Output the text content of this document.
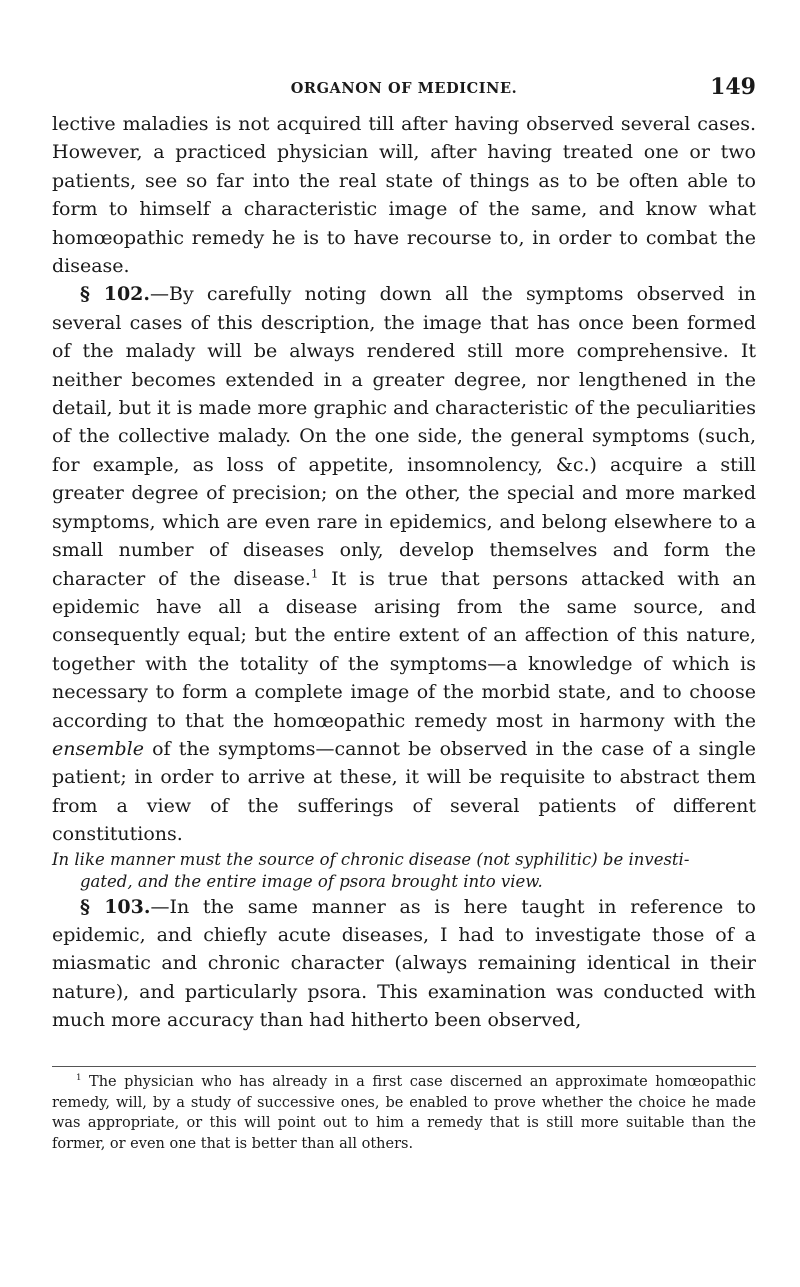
ORGANON OF MEDICINE.	149

lective maladies is not acquired till after having observed several cases. However, a practiced physician will, after having treated one or two patients, see so far into the real state of things as to be often able to form to himself a characteristic image of the same, and know what homœopathic remedy he is to have recourse to, in order to combat the disease.

§ 102.—By carefully noting down all the symptoms observed in several cases of this description, the image that has once been formed of the malady will be always rendered still more comprehensive. It neither becomes extended in a greater degree, nor lengthened in the detail, but it is made more graphic and characteristic of the peculiarities of the collective malady. On the one side, the general symptoms (such, for example, as loss of appetite, insomnolency, &c.) acquire a still greater degree of precision; on the other, the special and more marked symptoms, which are even rare in epidemics, and belong elsewhere to a small number of diseases only, develop themselves and form the character of the disease.$^1$ It is true that persons attacked with an epidemic have all a disease arising from the same source, and consequently equal; but the entire extent of an affection of this nature, together with the totality of the symptoms—a knowledge of which is necessary to form a complete image of the morbid state, and to choose according to that the homœopathic remedy most in harmony with the ensemble of the symptoms—cannot be observed in the case of a single patient; in order to arrive at these, it will be requisite to abstract them from a view of the sufferings of several patients of different constitutions.

In like manner must the source of chronic disease (not syphilitic) be investi-
gated, and the entire image of psora brought into view.

§ 103.—In the same manner as is here taught in reference to epidemic, and chiefly acute diseases, I had to investigate those of a miasmatic and chronic character (always remaining identical in their nature), and particularly psora. This examination was conducted with much more accuracy than had hitherto been observed,

$^1$ The physician who has already in a first case discerned an approximate homœopathic remedy, will, by a study of successive ones, be enabled to prove whether the choice he made was appropriate, or this will point out to him a remedy that is still more suitable than the former, or even one that is better than all others.
